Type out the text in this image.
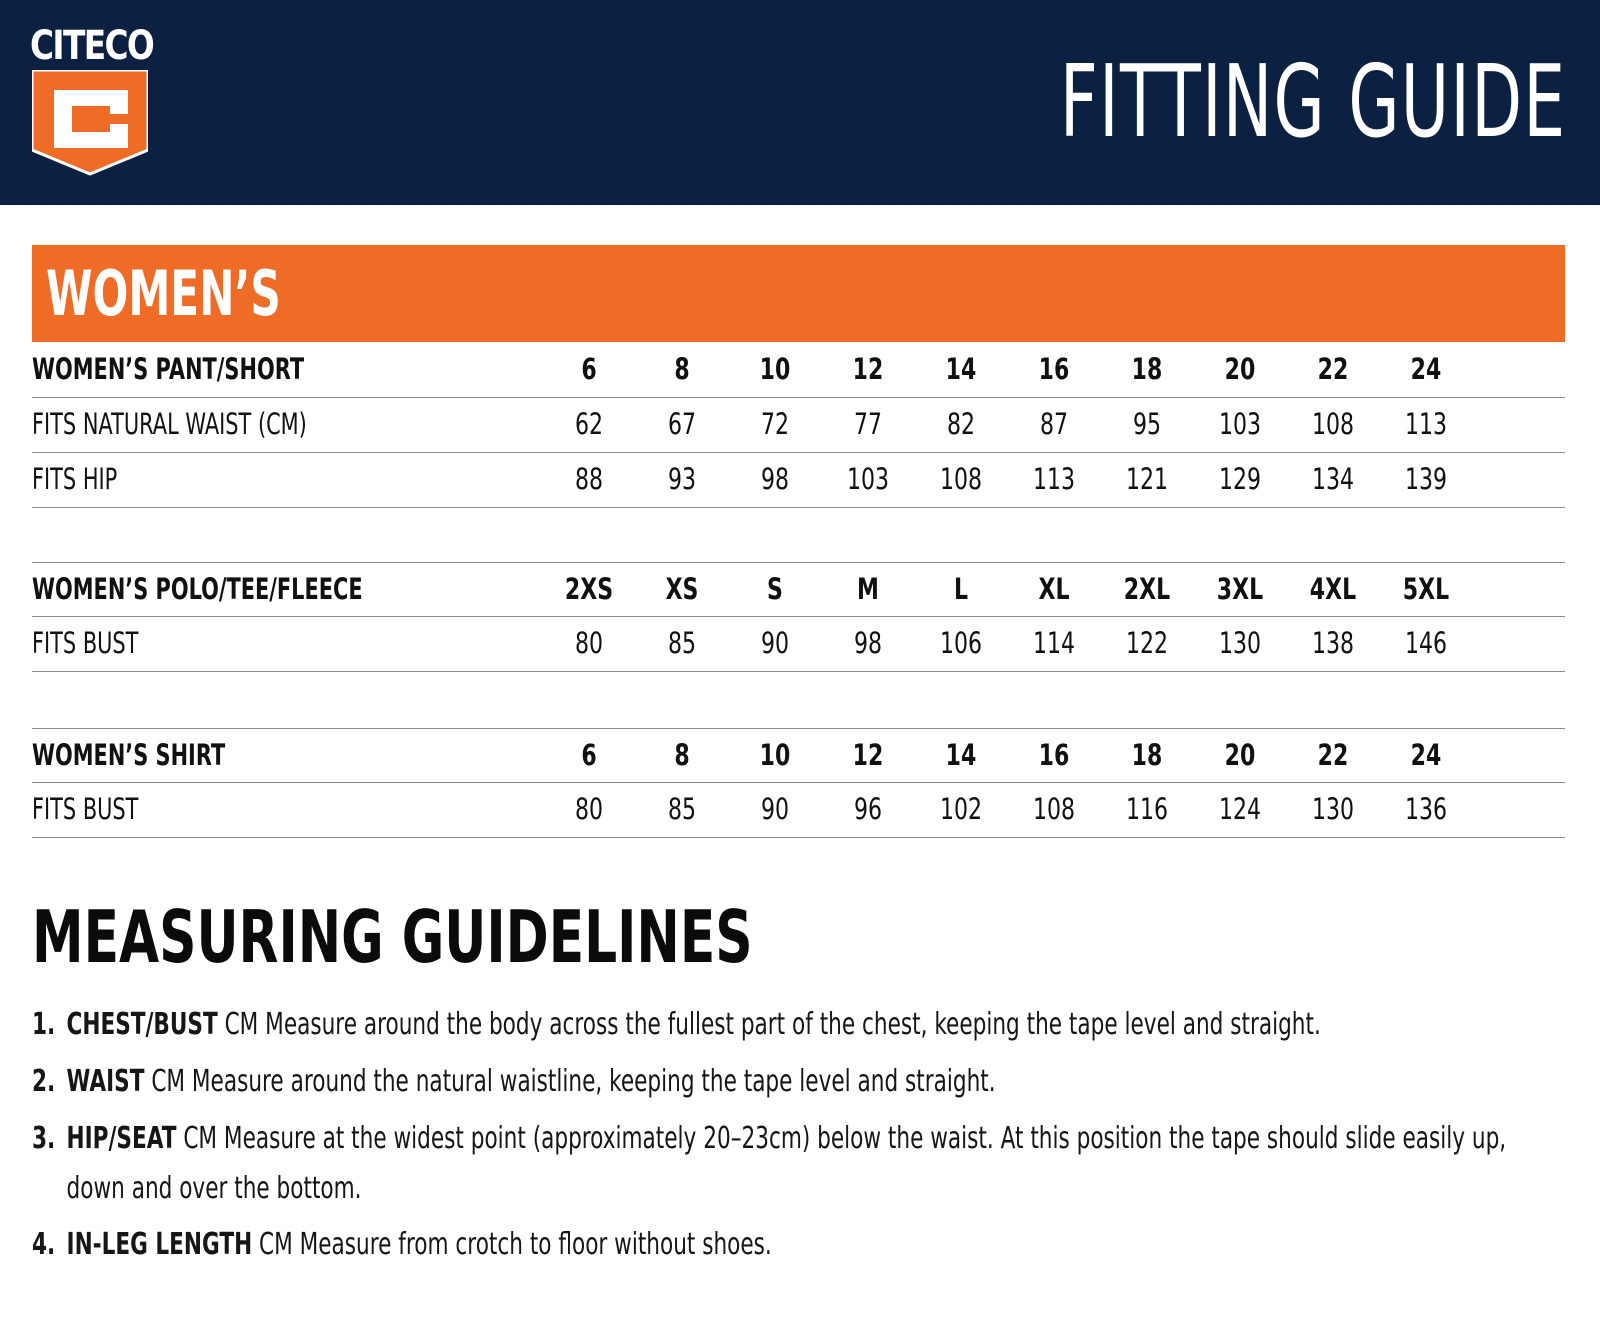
CITECO	FITTING GUIDE
WOMEN’S
WOMEN’S PANT/SHORT	6	8	10	12	14	16	18	20	22	24
FITS NATURAL WAIST (CM)	62	67	72	77	82	87	95	103	108	113
FITS HIP	88	93	98	103	108	113	121	129	134	139
WOMEN’S POLO/TEE/FLEECE	2XS	XS	S	M	L	XL	2XL	3XL	4XL	5XL
FITS BUST	80	85	90	98	106	114	122	130	138	146
WOMEN’S SHIRT	6	8	10	12	14	16	18	20	22	24
FITS BUST	80	85	90	96	102	108	116	124	130	136
MEASURING GUIDELINES
1. CHEST/BUST CM Measure around the body across the fullest part of the chest, keeping the tape level and straight.
2. WAIST CM Measure around the natural waistline, keeping the tape level and straight.
3. HIP/SEAT CM Measure at the widest point (approximately 20–23cm) below the waist. At this position the tape should slide easily up,
down and over the bottom.
4. IN-LEG LENGTH CM Measure from crotch to floor without shoes.
